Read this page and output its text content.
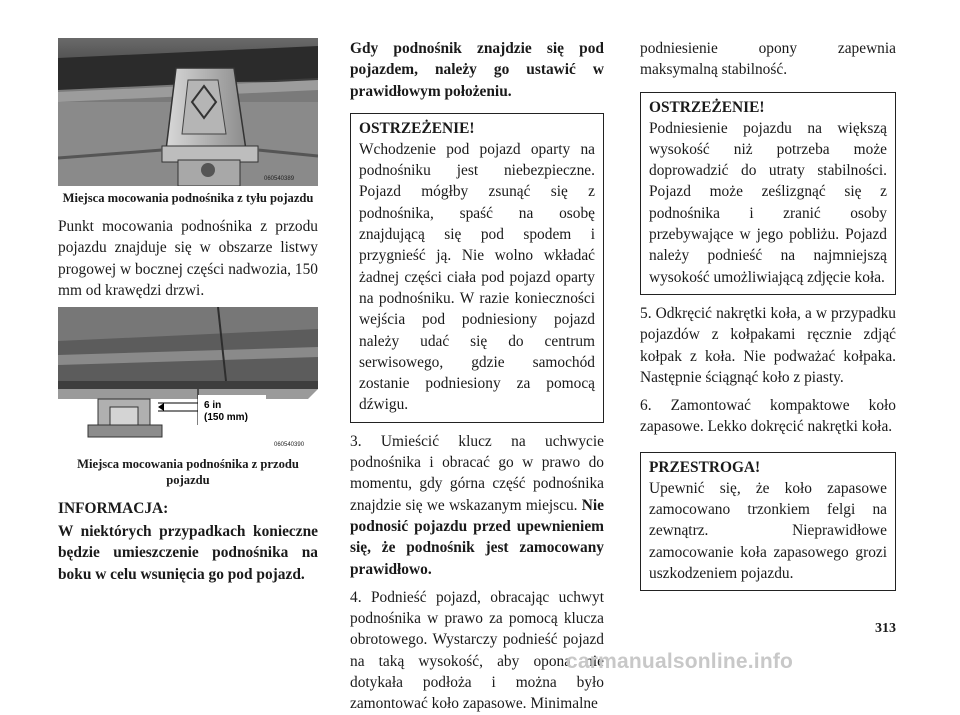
060540389
Miejsca mocowania podnośnika z tyłu pojazdu

Punkt mocowania podnośnika z przodu pojazdu znajduje się w obszarze listwy progowej w bocznej części nadwozia, 150 mm od krawędzi drzwi.

6 in
(150 mm)
060540390
Miejsca mocowania podnośnika z przodu pojazdu
INFORMACJA:

W niektórych przypadkach konieczne będzie umieszczenie podnośnika na boku w celu wsunięcia go pod pojazd.

Gdy podnośnik znajdzie się pod pojazdem, należy go ustawić w prawidłowym położeniu.

OSTRZEŻENIE!

Wchodzenie pod pojazd oparty na podnośniku jest niebezpieczne. Pojazd mógłby zsunąć się z podnośnika, spaść na osobę znajdującą się pod spodem i przygnieść ją. Nie wolno wkładać żadnej części ciała pod pojazd oparty na podnośniku. W razie konieczności wejścia pod podniesiony pojazd należy udać się do centrum serwisowego, gdzie samochód zostanie podniesiony za pomocą dźwigu.

3. Umieścić klucz na uchwycie podnośnika i obracać go w prawo do momentu, gdy górna część podnośnika znajdzie się we wskazanym miejscu. Nie podnosić pojazdu przed upewnieniem się, że podnośnik jest zamocowany prawidłowo.

4. Podnieść pojazd, obracając uchwyt podnośnika w prawo za pomocą klucza obrotowego. Wystarczy podnieść pojazd na taką wysokość, aby opona nie dotykała podłoża i można było zamontować koło zapasowe. Minimalne

podniesienie opony zapewnia maksymalną stabilność.

OSTRZEŻENIE!

Podniesienie pojazdu na większą wysokość niż potrzeba może doprowadzić do utraty stabilności. Pojazd może ześlizgnąć się z podnośnika i zranić osoby przebywające w jego pobliżu. Pojazd należy podnieść na najmniejszą wysokość umożliwiającą zdjęcie koła.

5. Odkręcić nakrętki koła, a w przypadku pojazdów z kołpakami ręcznie zdjąć kołpak z koła. Nie podważać kołpaka. Następnie ściągnąć koło z piasty.

6. Zamontować kompaktowe koło zapasowe. Lekko dokręcić nakrętki koła.

PRZESTROGA!

Upewnić się, że koło zapasowe zamocowano trzonkiem felgi na zewnątrz. Nieprawidłowe zamocowanie koła zapasowego grozi uszkodzeniem pojazdu.

313
carmanualsonline.info
